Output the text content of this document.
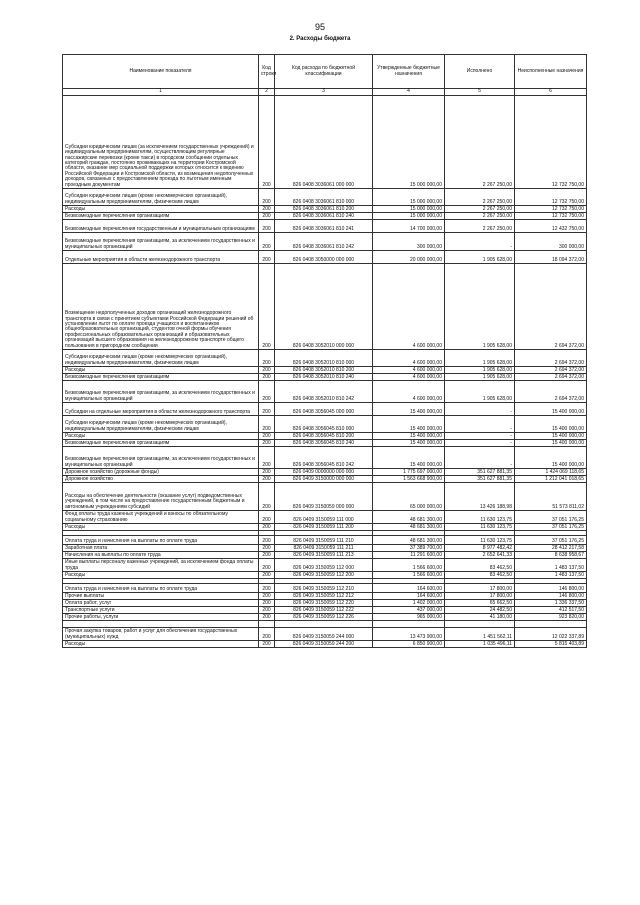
95
2. Расходы бюджета
Наименование показателя	Код строки	Код расхода по бюджетной классификации	Утвержденные бюджетные назначения	Исполнено	Неисполненные назначения
1	2	3	4	5	6
Субсидии юридическим лицам (за исключением государственных учреждений) и индивидуальным предпринимателям, осуществляющим регулярные пассажирские перевозки (кроме такси) в городском сообщении отдельных категорий граждан, постоянно проживающих на территории Костромской области, оказание мер социальной поддержки которых относится к ведению Российской Федерации и Костромской области, из возмещения недополученных доходов, связанных с предоставлением проезда по льготным именным проездным документам	200	826 0408 3036061 000 000	15 000 000,00	2 267 250,00	12 732 750,00
Субсидии юридическим лицам (кроме некоммерческих организаций), индивидуальным предпринимателям, физическим лицам	200	826 0408 3036061 810 000	15 000 000,00	2 267 250,00	12 732 750,00
Расходы	200	826 0408 3036061 810 200	15 000 000,00	2 267 250,00	12 732 750,00
Безвозмездные перечисления организациям	200	826 0408 3036061 810 240	15 000 000,00	2 267 250,00	12 732 750,00
Безвозмездные перечисления государственным и муниципальным организациям	200	826 0408 3036061 810 241	14 700 000,00	2 267 250,00	12 432 750,00
Безвозмездные перечисления организациям, за исключением государственных и муниципальных организаций	200	826 0408 3036061 810 242	300 000,00	-	300 000,00
Отдельные мероприятия в области железнодорожного транспорта	200	826 0408 3050000 000 000	20 000 000,00	1 905 628,00	18 094 372,00
Возмещение недополученных доходов организаций железнодорожного транспорта в связи с принятием субъектами Российской Федерации решений об установлении льгот по оплате проезда учащихся и воспитанников общеобразовательных организаций, студентов очной формы обучения профессиональных образовательных организаций и образовательных организаций высшего образования на железнодорожном транспорте общего пользования в пригородном сообщении	200	826 0408 3052010 000 000	4 600 000,00	1 905 628,00	2 694 372,00
Субсидии юридическим лицам (кроме некоммерческих организаций), индивидуальным предпринимателям, физическим лицам	200	826 0408 3052010 810 000	4 600 000,00	1 905 628,00	2 694 372,00
Расходы	200	826 0408 3052010 810 200	4 600 000,00	1 905 628,00	2 694 372,00
Безвозмездные перечисления организациям	200	826 0408 3052010 810 240	4 600 000,00	1 905 628,00	2 694 372,00
Безвозмездные перечисления организациям, за исключением государственных и муниципальных организаций	200	826 0408 3052010 810 242	4 600 000,00	1 905 628,00	2 694 372,00
Субсидии на отдельные мероприятия в области железнодорожного транспорта	200	826 0408 3056045 000 000	15 400 000,00	-	15 400 000,00
Субсидии юридическим лицам (кроме некоммерческих организаций), индивидуальным предпринимателям, физическим лицам	200	826 0408 3056045 810 000	15 400 000,00	-	15 400 000,00
Расходы	200	826 0408 3056045 810 200	15 400 000,00	-	15 400 000,00
Безвозмездные перечисления организациям	200	826 0408 3056045 810 240	15 400 000,00	-	15 400 000,00
Безвозмездные перечисления организациям, за исключением государственных и муниципальных организаций	200	826 0408 3056045 810 242	15 400 000,00	-	15 400 000,00
Дорожное хозяйство (дорожные фонды)	200	826 0409 0000000 000 000	1 775 697 000,00	351 627 881,35	1 424 069 118,65
Дорожное хозяйство	200	826 0409 3150000 000 000	1 563 668 900,00	351 627 881,35	1 212 041 018,65
Расходы на обеспечение деятельности (оказание услуг) подведомственных учреждений, в том числе на предоставление государственным бюджетным и автономным учреждениям субсидий	200	826 0409 3150059 000 000	65 000 000,00	13 426 188,98	51 573 811,02
Фонд оплаты труда казенных учреждений и взносы по обязательному социальному страхованию	200	826 0409 3150059 111 000	48 681 300,00	11 630 123,75	37 051 176,25
Расходы	200	826 0409 3150059 111 200	48 681 300,00	11 630 123,75	37 051 176,25

Оплата труда и начисления на выплаты по оплате труда	200	826 0409 3150059 111 210	48 681 300,00	11 630 123,75	37 051 176,25
Заработная плата	200	826 0409 3150059 111 211	37 389 700,00	8 977 482,42	28 412 217,58
Начисления на выплаты по оплате труда	200	826 0409 3150059 111 213	11 291 600,00	2 652 641,33	8 638 958,67
Иные выплаты персоналу казенных учреждений, за исключением фонда оплаты труда	200	826 0409 3150059 112 000	1 566 600,00	83 462,50	1 483 137,50
Расходы	200	826 0409 3150059 112 200	1 566 600,00	83 462,50	1 483 137,50

Оплата труда и начисления на выплаты по оплате труда	200	826 0409 3150059 112 210	164 600,00	17 800,00	146 800,00
Прочие выплаты	200	826 0409 3150059 112 212	164 600,00	17 800,00	146 800,00
Оплата работ, услуг	200	826 0409 3150059 112 220	1 402 000,00	65 662,50	1 336 337,50
Транспортные услуги	200	826 0409 3150059 112 222	437 000,00	24 482,50	412 517,50
Прочие работы, услуги	200	826 0409 3150059 112 226	965 000,00	41 180,00	923 820,00

Прочая закупка товаров, работ и услуг для обеспечения государственных (муниципальных) нужд	200	826 0409 3150059 244 000	13 473 900,00	1 451 562,11	12 022 337,89
Расходы	200	826 0409 3150059 244 200	6 850 900,00	1 035 496,11	5 815 403,89
